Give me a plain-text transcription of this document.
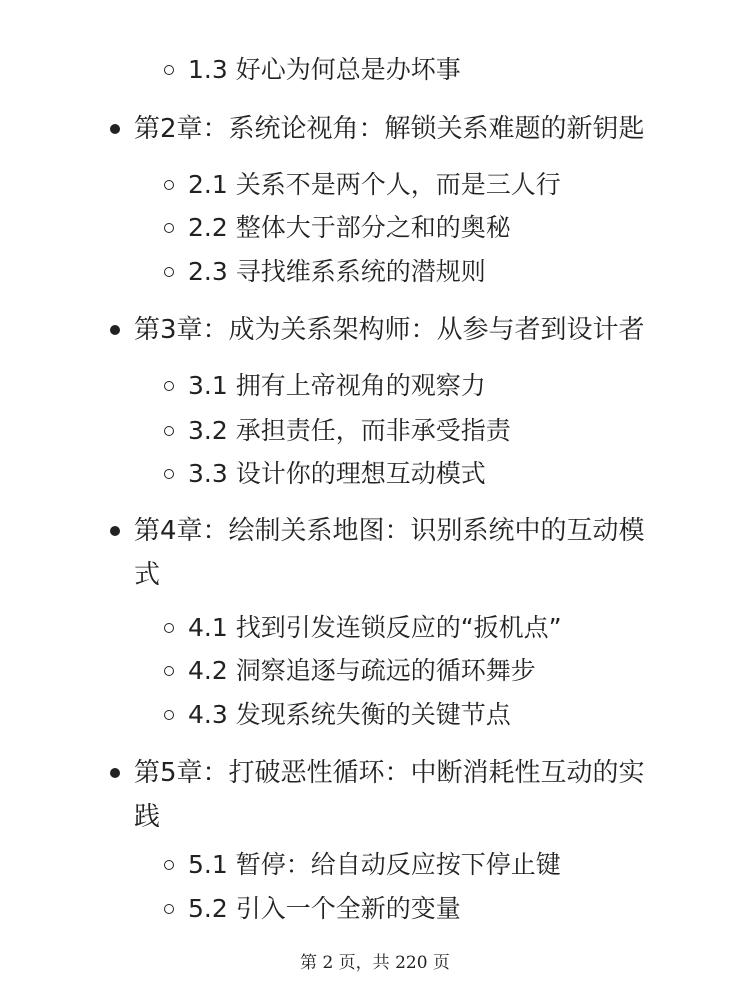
1.3 好心为何总是办坏事
第2章：系统论视角：解锁关系难题的新钥匙
2.1 关系不是两个人，而是三人行
2.2 整体大于部分之和的奥秘
2.3 寻找维系系统的潜规则
第3章：成为关系架构师：从参与者到设计者
3.1 拥有上帝视角的观察力
3.2 承担责任，而非承受指责
3.3 设计你的理想互动模式
第4章：绘制关系地图：识别系统中的互动模式
4.1 找到引发连锁反应的“扳机点”
4.2 洞察追逐与疏远的循环舞步
4.3 发现系统失衡的关键节点
第5章：打破恶性循环：中断消耗性互动的实践
5.1 暂停：给自动反应按下停止键
5.2 引入一个全新的变量
第 2 页，共 220 页
